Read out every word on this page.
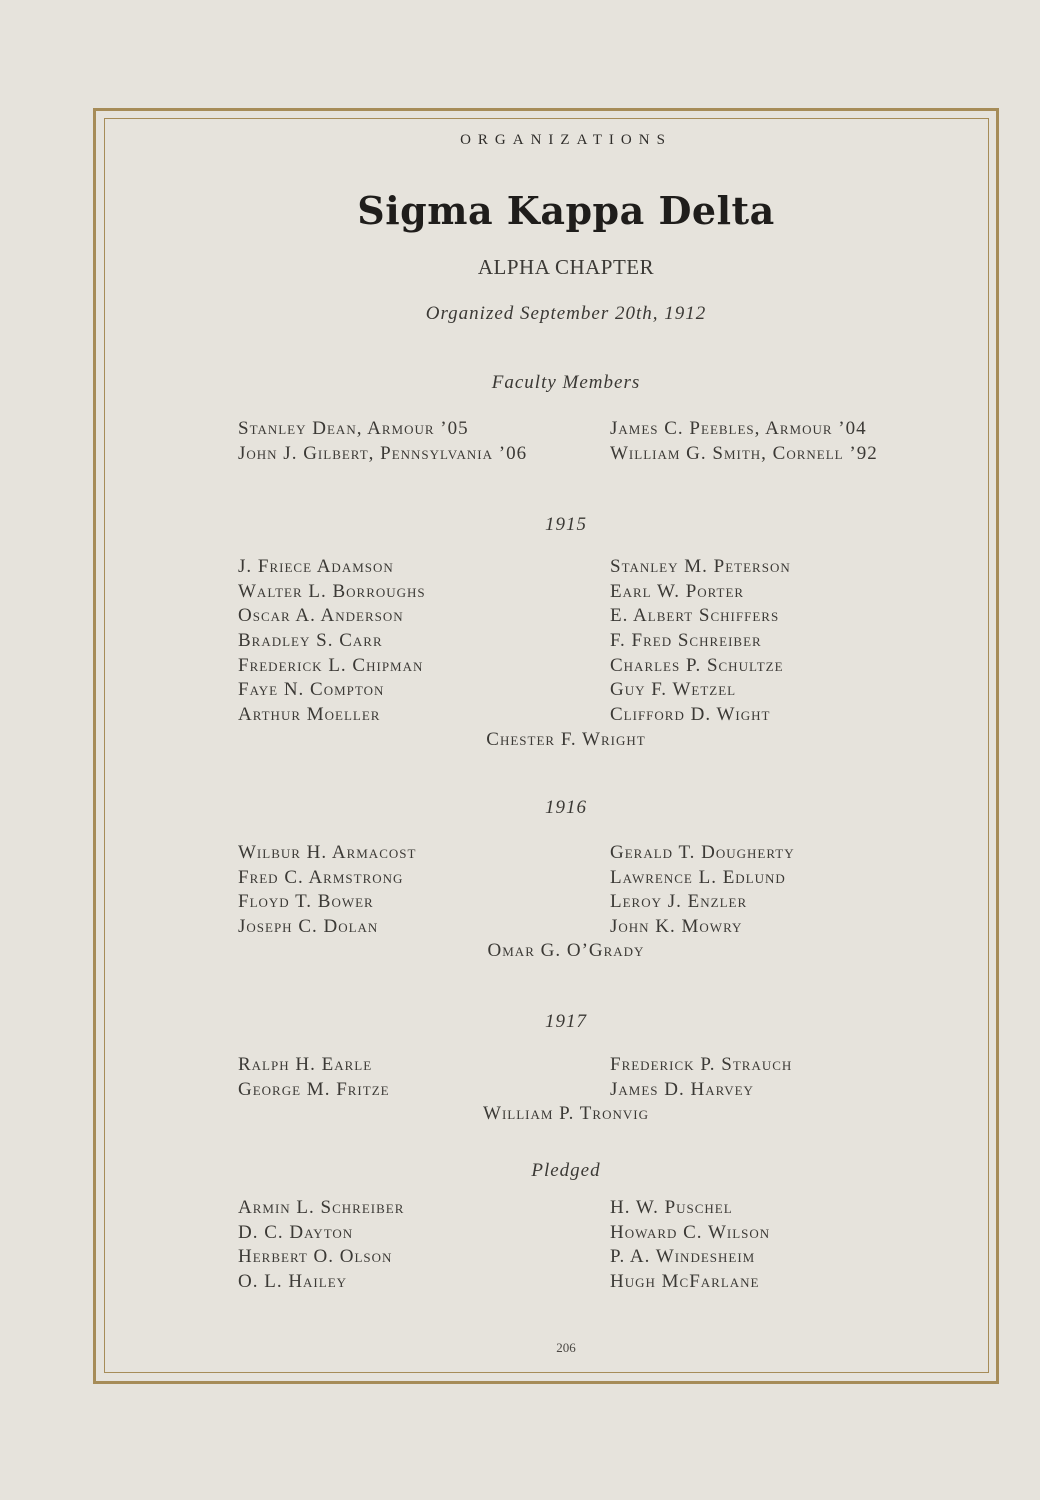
ORGANIZATIONS
Sigma Kappa Delta
ALPHA CHAPTER
Organized September 20th, 1912
Faculty Members
Stanley Dean, Armour ’05
John J. Gilbert, Pennsylvania ’06
James C. Peebles, Armour ’04
William G. Smith, Cornell ’92
1915
J. Friece Adamson
Walter L. Borroughs
Oscar A. Anderson
Bradley S. Carr
Frederick L. Chipman
Faye N. Compton
Arthur Moeller
Stanley M. Peterson
Earl W. Porter
E. Albert Schiffers
F. Fred Schreiber
Charles P. Schultze
Guy F. Wetzel
Clifford D. Wight
Chester F. Wright
1916
Wilbur H. Armacost
Fred C. Armstrong
Floyd T. Bower
Joseph C. Dolan
Gerald T. Dougherty
Lawrence L. Edlund
Leroy J. Enzler
John K. Mowry
Omar G. O’Grady
1917
Ralph H. Earle
George M. Fritze
Frederick P. Strauch
James D. Harvey
William P. Tronvig
Pledged
Armin L. Schreiber
D. C. Dayton
Herbert O. Olson
O. L. Hailey
H. W. Puschel
Howard C. Wilson
P. A. Windesheim
Hugh McFarlane
206
